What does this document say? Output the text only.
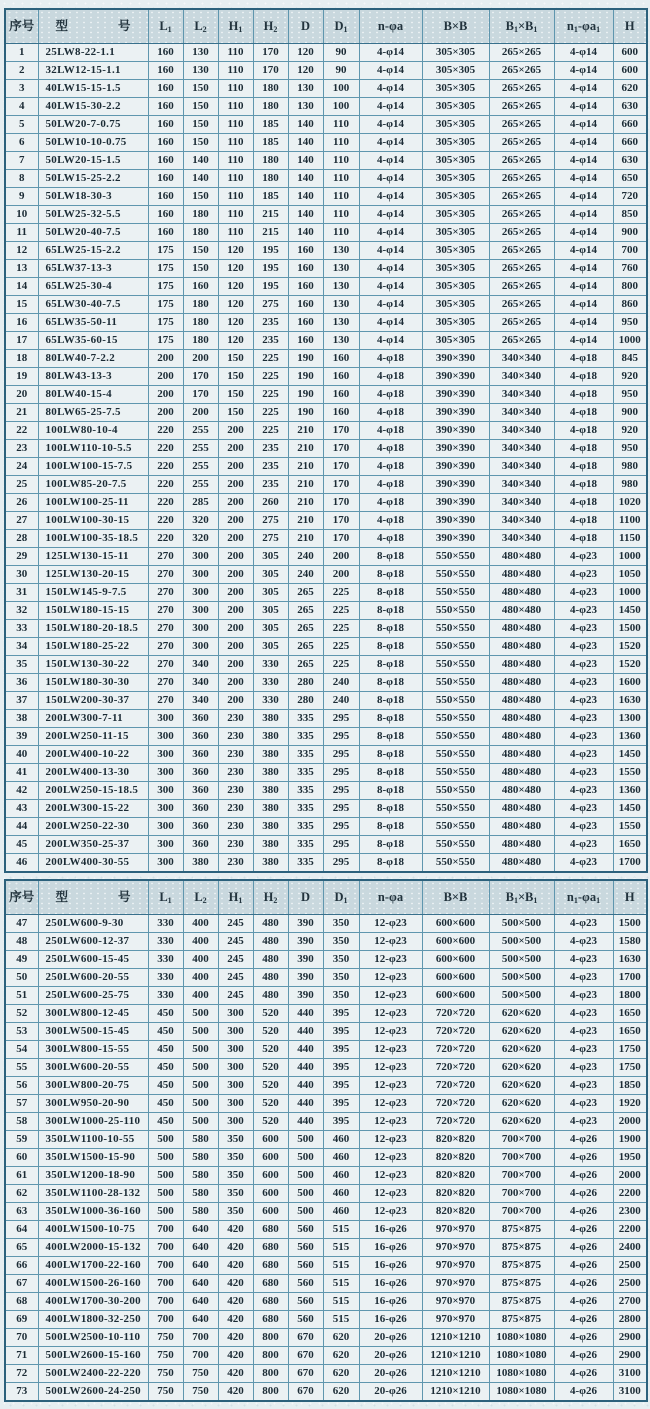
序号	型　　　　号	$L_1$	$L_2$	$H_1$	$H_2$	D	$D_1$	n-φa	B×B	$B_1\times B_1$	$n_1-\varphi a_1$	H
1	25LW8-22-1.1	160	130	110	170	120	90	4-φ14	305×305	265×265	4-φ14	600
2	32LW12-15-1.1	160	130	110	170	120	90	4-φ14	305×305	265×265	4-φ14	600
3	40LW15-15-1.5	160	150	110	180	130	100	4-φ14	305×305	265×265	4-φ14	620
4	40LW15-30-2.2	160	150	110	180	130	100	4-φ14	305×305	265×265	4-φ14	630
5	50LW20-7-0.75	160	150	110	185	140	110	4-φ14	305×305	265×265	4-φ14	660
6	50LW10-10-0.75	160	150	110	185	140	110	4-φ14	305×305	265×265	4-φ14	660
7	50LW20-15-1.5	160	140	110	180	140	110	4-φ14	305×305	265×265	4-φ14	630
8	50LW15-25-2.2	160	140	110	180	140	110	4-φ14	305×305	265×265	4-φ14	650
9	50LW18-30-3	160	150	110	185	140	110	4-φ14	305×305	265×265	4-φ14	720
10	50LW25-32-5.5	160	180	110	215	140	110	4-φ14	305×305	265×265	4-φ14	850
11	50LW20-40-7.5	160	180	110	215	140	110	4-φ14	305×305	265×265	4-φ14	900
12	65LW25-15-2.2	175	150	120	195	160	130	4-φ14	305×305	265×265	4-φ14	700
13	65LW37-13-3	175	150	120	195	160	130	4-φ14	305×305	265×265	4-φ14	760
14	65LW25-30-4	175	160	120	195	160	130	4-φ14	305×305	265×265	4-φ14	800
15	65LW30-40-7.5	175	180	120	275	160	130	4-φ14	305×305	265×265	4-φ14	860
16	65LW35-50-11	175	180	120	235	160	130	4-φ14	305×305	265×265	4-φ14	950
17	65LW35-60-15	175	180	120	235	160	130	4-φ14	305×305	265×265	4-φ14	1000
18	80LW40-7-2.2	200	200	150	225	190	160	4-φ18	390×390	340×340	4-φ18	845
19	80LW43-13-3	200	170	150	225	190	160	4-φ18	390×390	340×340	4-φ18	920
20	80LW40-15-4	200	170	150	225	190	160	4-φ18	390×390	340×340	4-φ18	950
21	80LW65-25-7.5	200	200	150	225	190	160	4-φ18	390×390	340×340	4-φ18	900
22	100LW80-10-4	220	255	200	225	210	170	4-φ18	390×390	340×340	4-φ18	920
23	100LW110-10-5.5	220	255	200	235	210	170	4-φ18	390×390	340×340	4-φ18	950
24	100LW100-15-7.5	220	255	200	235	210	170	4-φ18	390×390	340×340	4-φ18	980
25	100LW85-20-7.5	220	255	200	235	210	170	4-φ18	390×390	340×340	4-φ18	980
26	100LW100-25-11	220	285	200	260	210	170	4-φ18	390×390	340×340	4-φ18	1020
27	100LW100-30-15	220	320	200	275	210	170	4-φ18	390×390	340×340	4-φ18	1100
28	100LW100-35-18.5	220	320	200	275	210	170	4-φ18	390×390	340×340	4-φ18	1150
29	125LW130-15-11	270	300	200	305	240	200	8-φ18	550×550	480×480	4-φ23	1000
30	125LW130-20-15	270	300	200	305	240	200	8-φ18	550×550	480×480	4-φ23	1050
31	150LW145-9-7.5	270	300	200	305	265	225	8-φ18	550×550	480×480	4-φ23	1000
32	150LW180-15-15	270	300	200	305	265	225	8-φ18	550×550	480×480	4-φ23	1450
33	150LW180-20-18.5	270	300	200	305	265	225	8-φ18	550×550	480×480	4-φ23	1500
34	150LW180-25-22	270	300	200	305	265	225	8-φ18	550×550	480×480	4-φ23	1520
35	150LW130-30-22	270	340	200	330	265	225	8-φ18	550×550	480×480	4-φ23	1520
36	150LW180-30-30	270	340	200	330	280	240	8-φ18	550×550	480×480	4-φ23	1600
37	150LW200-30-37	270	340	200	330	280	240	8-φ18	550×550	480×480	4-φ23	1630
38	200LW300-7-11	300	360	230	380	335	295	8-φ18	550×550	480×480	4-φ23	1300
39	200LW250-11-15	300	360	230	380	335	295	8-φ18	550×550	480×480	4-φ23	1360
40	200LW400-10-22	300	360	230	380	335	295	8-φ18	550×550	480×480	4-φ23	1450
41	200LW400-13-30	300	360	230	380	335	295	8-φ18	550×550	480×480	4-φ23	1550
42	200LW250-15-18.5	300	360	230	380	335	295	8-φ18	550×550	480×480	4-φ23	1360
43	200LW300-15-22	300	360	230	380	335	295	8-φ18	550×550	480×480	4-φ23	1450
44	200LW250-22-30	300	360	230	380	335	295	8-φ18	550×550	480×480	4-φ23	1550
45	200LW350-25-37	300	360	230	380	335	295	8-φ18	550×550	480×480	4-φ23	1650
46	200LW400-30-55	300	380	230	380	335	295	8-φ18	550×550	480×480	4-φ23	1700
序号	型　　　　号	$L_1$	$L_2$	$H_1$	$H_2$	D	$D_1$	n-φa	B×B	$B_1\times B_1$	$n_1-\varphi a_1$	H
47	250LW600-9-30	330	400	245	480	390	350	12-φ23	600×600	500×500	4-φ23	1500
48	250LW600-12-37	330	400	245	480	390	350	12-φ23	600×600	500×500	4-φ23	1580
49	250LW600-15-45	330	400	245	480	390	350	12-φ23	600×600	500×500	4-φ23	1630
50	250LW600-20-55	330	400	245	480	390	350	12-φ23	600×600	500×500	4-φ23	1700
51	250LW600-25-75	330	400	245	480	390	350	12-φ23	600×600	500×500	4-φ23	1800
52	300LW800-12-45	450	500	300	520	440	395	12-φ23	720×720	620×620	4-φ23	1650
53	300LW500-15-45	450	500	300	520	440	395	12-φ23	720×720	620×620	4-φ23	1650
54	300LW800-15-55	450	500	300	520	440	395	12-φ23	720×720	620×620	4-φ23	1750
55	300LW600-20-55	450	500	300	520	440	395	12-φ23	720×720	620×620	4-φ23	1750
56	300LW800-20-75	450	500	300	520	440	395	12-φ23	720×720	620×620	4-φ23	1850
57	300LW950-20-90	450	500	300	520	440	395	12-φ23	720×720	620×620	4-φ23	1920
58	300LW1000-25-110	450	500	300	520	440	395	12-φ23	720×720	620×620	4-φ23	2000
59	350LW1100-10-55	500	580	350	600	500	460	12-φ23	820×820	700×700	4-φ26	1900
60	350LW1500-15-90	500	580	350	600	500	460	12-φ23	820×820	700×700	4-φ26	1950
61	350LW1200-18-90	500	580	350	600	500	460	12-φ23	820×820	700×700	4-φ26	2000
62	350LW1100-28-132	500	580	350	600	500	460	12-φ23	820×820	700×700	4-φ26	2200
63	350LW1000-36-160	500	580	350	600	500	460	12-φ23	820×820	700×700	4-φ26	2300
64	400LW1500-10-75	700	640	420	680	560	515	16-φ26	970×970	875×875	4-φ26	2200
65	400LW2000-15-132	700	640	420	680	560	515	16-φ26	970×970	875×875	4-φ26	2400
66	400LW1700-22-160	700	640	420	680	560	515	16-φ26	970×970	875×875	4-φ26	2500
67	400LW1500-26-160	700	640	420	680	560	515	16-φ26	970×970	875×875	4-φ26	2500
68	400LW1700-30-200	700	640	420	680	560	515	16-φ26	970×970	875×875	4-φ26	2700
69	400LW1800-32-250	700	640	420	680	560	515	16-φ26	970×970	875×875	4-φ26	2800
70	500LW2500-10-110	750	700	420	800	670	620	20-φ26	1210×1210	1080×1080	4-φ26	2900
71	500LW2600-15-160	750	700	420	800	670	620	20-φ26	1210×1210	1080×1080	4-φ26	2900
72	500LW2400-22-220	750	750	420	800	670	620	20-φ26	1210×1210	1080×1080	4-φ26	3100
73	500LW2600-24-250	750	750	420	800	670	620	20-φ26	1210×1210	1080×1080	4-φ26	3100
